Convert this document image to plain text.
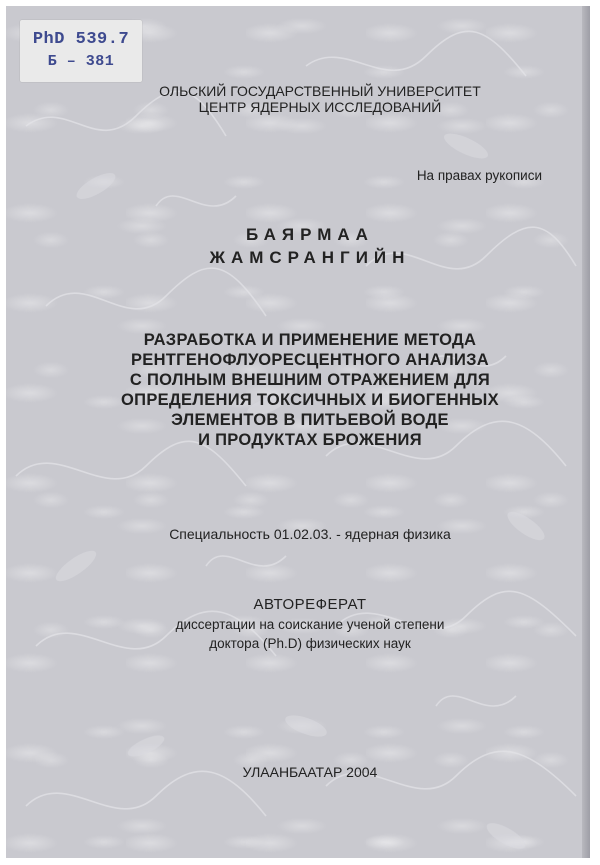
PhD 539.7
Б – 381
ОЛЬСКИЙ ГОСУДАРСТВЕННЫЙ УНИВЕРСИТЕТ
ЦЕНТР ЯДЕРНЫХ ИССЛЕДОВАНИЙ
На правах рукописи
БАЯРМАА
ЖАМСРАНГИЙН
РАЗРАБОТКА И ПРИМЕНЕНИЕ МЕТОДА
РЕНТГЕНОФЛУОРЕСЦЕНТНОГО АНАЛИЗА
С ПОЛНЫМ ВНЕШНИМ ОТРАЖЕНИЕМ ДЛЯ
ОПРЕДЕЛЕНИЯ ТОКСИЧНЫХ И БИОГЕННЫХ
ЭЛЕМЕНТОВ В ПИТЬЕВОЙ ВОДЕ
И ПРОДУКТАХ БРОЖЕНИЯ
Специальность 01.02.03. - ядерная физика
АВТОРЕФЕРАТ
диссертации на соискание ученой степени
доктора (Ph.D) физических наук
УЛААНБААТАР 2004
